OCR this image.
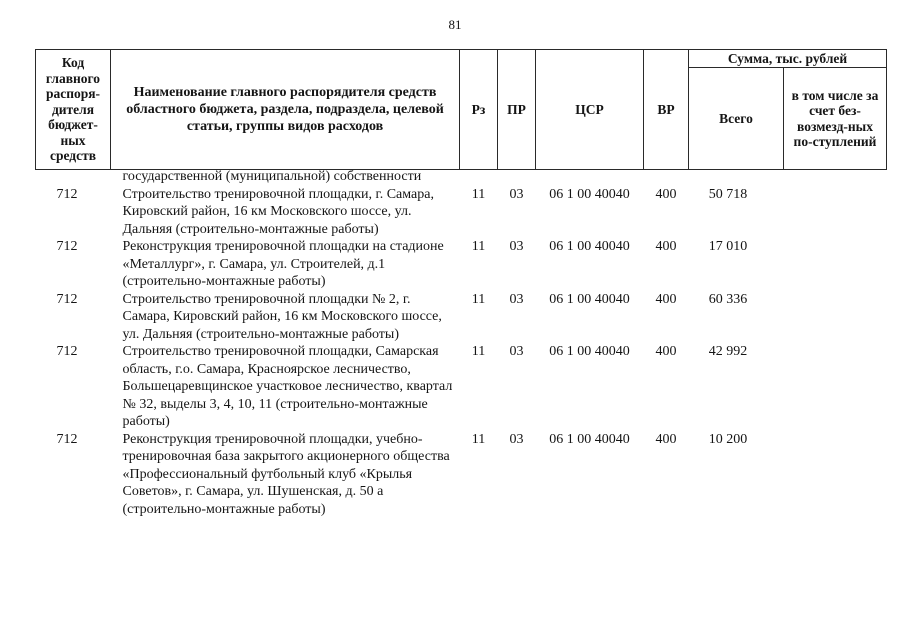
81
Код главного распоря-дителя бюджет-ных средств	Наименование главного распорядителя средств областного бюджета, раздела, подраздела, целевой статьи, группы видов расходов	Рз	ПР	ЦСР	ВР	Сумма, тыс. рублей	
						Всего	в том числе за счет без-возмезд-ных по-ступлений

	государственной (муниципальной) собственности						

712	Строительство тренировочной площадки, г. Самара, Кировский район, 16 км Московского шоссе, ул. Дальняя (строительно-монтажные работы)	11	03	06 1 00 40040	400	50 718	
712	Реконструкция тренировочной площадки на стадионе «Металлург», г. Самара, ул. Строителей, д.1 (строительно-монтажные работы)	11	03	06 1 00 40040	400	17 010	
712	Строительство тренировочной площадки № 2, г. Самара, Кировский район, 16 км Московского шоссе, ул. Дальняя (строительно-монтажные работы)	11	03	06 1 00 40040	400	60 336	
712	Строительство тренировочной площадки, Самарская область, г.о. Самара, Красноярское лесничество, Большецаревщинское участковое лесничество, квартал № 32, выделы 3, 4, 10, 11 (строительно-монтажные работы)	11	03	06 1 00 40040	400	42 992	
712	Реконструкция тренировочной площадки, учебно-тренировочная база закрытого акционерного общества «Профессиональный футбольный клуб «Крылья Советов», г. Самара, ул. Шушенская, д. 50 а (строительно-монтажные работы)	11	03	06 1 00 40040	400	10 200	
